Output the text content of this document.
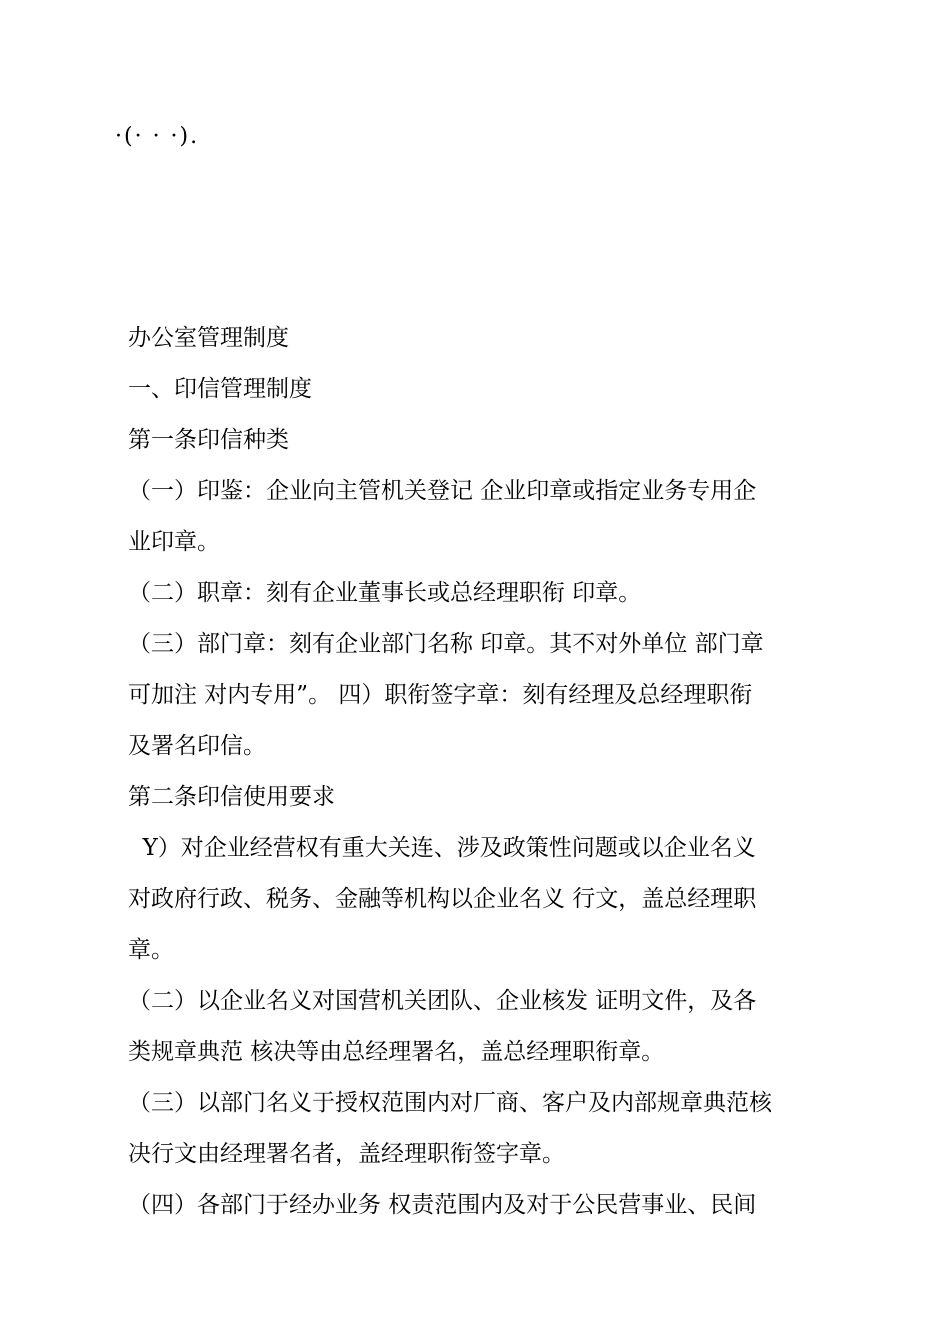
·(· · ·).
办公室管理制度
一、印信管理制度
第一条印信种类
（一）印鉴：企业向主管机关登记 企业印章或指定业务专用企
业印章。
（二）职章：刻有企业董事长或总经理职衔 印章。
（三）部门章：刻有企业部门名称 印章。其不对外单位 部门章
可加注 对内专用”。 四）职衔签字章：刻有经理及总经理职衔
及署名印信。
第二条印信使用要求
Y）对企业经营权有重大关连、涉及政策性问题或以企业名义
对政府行政、税务、金融等机构以企业名义 行文，盖总经理职
章。
（二）以企业名义对国营机关团队、企业核发 证明文件，及各
类规章典范 核决等由总经理署名，盖总经理职衔章。
（三）以部门名义于授权范围内对厂商、客户及内部规章典范核
决行文由经理署名者，盖经理职衔签字章。
（四）各部门于经办业务 权责范围内及对于公民营事业、民间
